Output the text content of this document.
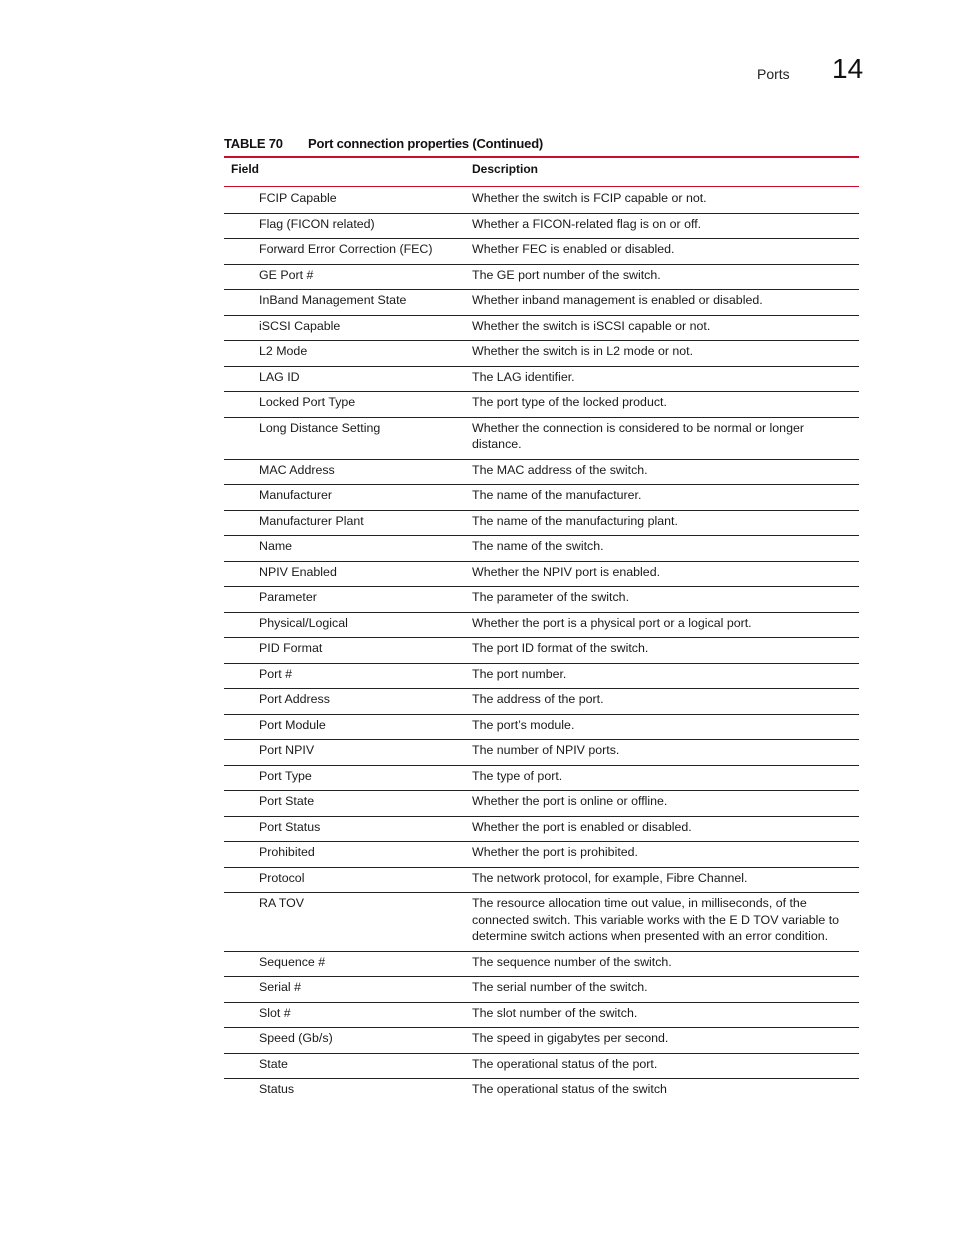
Ports 14
TABLE 70 Port connection properties (Continued)
Field	Description
FCIP Capable	Whether the switch is FCIP capable or not.
Flag (FICON related)	Whether a FICON-related flag is on or off.
Forward Error Correction (FEC)	Whether FEC is enabled or disabled.
GE Port #	The GE port number of the switch.
InBand Management State	Whether inband management is enabled or disabled.
iSCSI Capable	Whether the switch is iSCSI capable or not.
L2 Mode	Whether the switch is in L2 mode or not.
LAG ID	The LAG identifier.
Locked Port Type	The port type of the locked product.
Long Distance Setting	Whether the connection is considered to be normal or longer distance.
MAC Address	The MAC address of the switch.
Manufacturer	The name of the manufacturer.
Manufacturer Plant	The name of the manufacturing plant.
Name	The name of the switch.
NPIV Enabled	Whether the NPIV port is enabled.
Parameter	The parameter of the switch.
Physical/Logical	Whether the port is a physical port or a logical port.
PID Format	The port ID format of the switch.
Port #	The port number.
Port Address	The address of the port.
Port Module	The port’s module.
Port NPIV	The number of NPIV ports.
Port Type	The type of port.
Port State	Whether the port is online or offline.
Port Status	Whether the port is enabled or disabled.
Prohibited	Whether the port is prohibited.
Protocol	The network protocol, for example, Fibre Channel.
RA TOV	The resource allocation time out value, in milliseconds, of the connected switch. This variable works with the E D TOV variable to determine switch actions when presented with an error condition.
Sequence #	The sequence number of the switch.
Serial #	The serial number of the switch.
Slot #	The slot number of the switch.
Speed (Gb/s)	The speed in gigabytes per second.
State	The operational status of the port.
Status	The operational status of the switch
